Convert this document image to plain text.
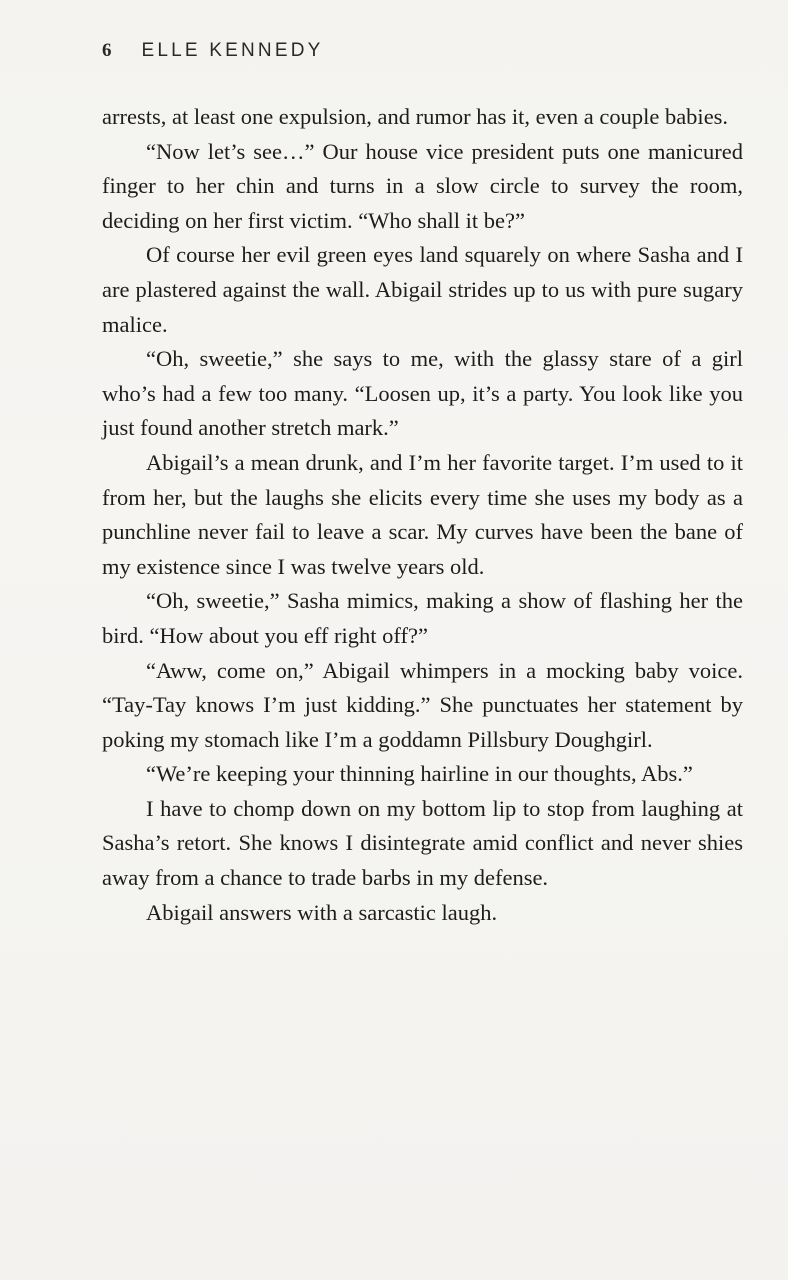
6 ELLE KENNEDY

arrests, at least one expulsion, and rumor has it, even a couple babies.

“Now let’s see…” Our house vice president puts one manicured finger to her chin and turns in a slow circle to survey the room, deciding on her first victim. “Who shall it be?”

Of course her evil green eyes land squarely on where Sasha and I are plastered against the wall. Abigail strides up to us with pure sugary malice.

“Oh, sweetie,” she says to me, with the glassy stare of a girl who’s had a few too many. “Loosen up, it’s a party. You look like you just found another stretch mark.”

Abigail’s a mean drunk, and I’m her favorite target. I’m used to it from her, but the laughs she elicits every time she uses my body as a punchline never fail to leave a scar. My curves have been the bane of my existence since I was twelve years old.

“Oh, sweetie,” Sasha mimics, making a show of flashing her the bird. “How about you eff right off?”

“Aww, come on,” Abigail whimpers in a mocking baby voice. “Tay-Tay knows I’m just kidding.” She punctuates her statement by poking my stomach like I’m a goddamn Pillsbury Doughgirl.

“We’re keeping your thinning hairline in our thoughts, Abs.”

I have to chomp down on my bottom lip to stop from laughing at Sasha’s retort. She knows I disintegrate amid conflict and never shies away from a chance to trade barbs in my defense.

Abigail answers with a sarcastic laugh.
